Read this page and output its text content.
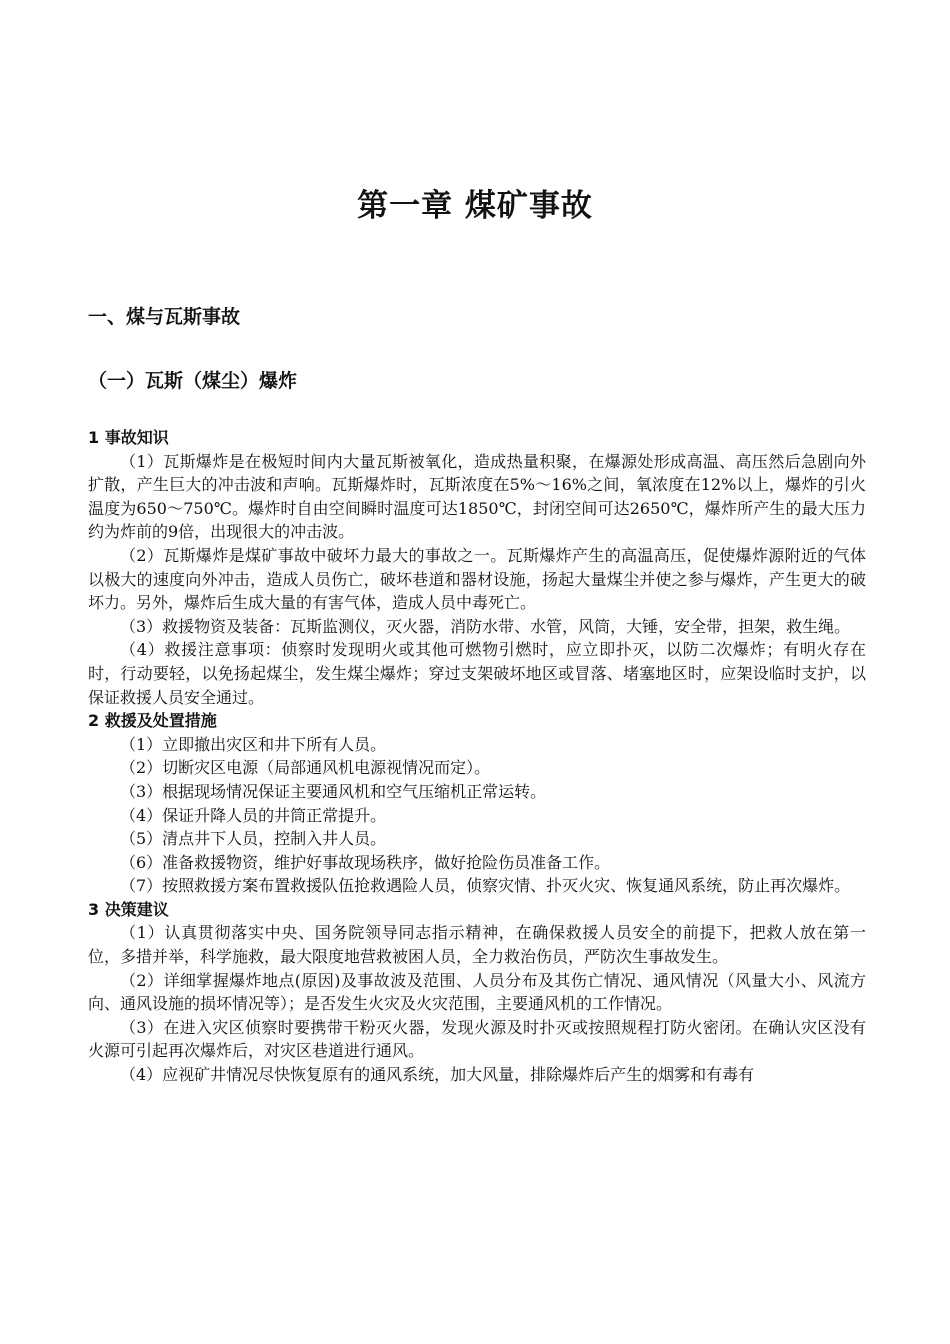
第一章 煤矿事故
一、煤与瓦斯事故
（一）瓦斯（煤尘）爆炸

1 事故知识

（1）瓦斯爆炸是在极短时间内大量瓦斯被氧化，造成热量积聚，在爆源处形成高温、高压然后急剧向外扩散，产生巨大的冲击波和声响。瓦斯爆炸时，瓦斯浓度在5%～16%之间，氧浓度在12%以上，爆炸的引火温度为650～750℃。爆炸时自由空间瞬时温度可达1850℃，封闭空间可达2650℃，爆炸所产生的最大压力约为炸前的9倍，出现很大的冲击波。

（2）瓦斯爆炸是煤矿事故中破坏力最大的事故之一。瓦斯爆炸产生的高温高压，促使爆炸源附近的气体以极大的速度向外冲击，造成人员伤亡，破坏巷道和器材设施，扬起大量煤尘并使之参与爆炸，产生更大的破坏力。另外，爆炸后生成大量的有害气体，造成人员中毒死亡。

（3）救援物资及装备：瓦斯监测仪，灭火器，消防水带、水管，风筒，大锤，安全带，担架，救生绳。

（4）救援注意事项：侦察时发现明火或其他可燃物引燃时，应立即扑灭，以防二次爆炸；有明火存在时，行动要轻，以免扬起煤尘，发生煤尘爆炸；穿过支架破坏地区或冒落、堵塞地区时，应架设临时支护，以保证救援人员安全通过。

2 救援及处置措施

（1）立即撤出灾区和井下所有人员。

（2）切断灾区电源（局部通风机电源视情况而定）。

（3）根据现场情况保证主要通风机和空气压缩机正常运转。

（4）保证升降人员的井筒正常提升。

（5）清点井下人员，控制入井人员。

（6）准备救援物资，维护好事故现场秩序，做好抢险伤员准备工作。

（7）按照救援方案布置救援队伍抢救遇险人员，侦察灾情、扑灭火灾、恢复通风系统，防止再次爆炸。

3 决策建议

（1）认真贯彻落实中央、国务院领导同志指示精神，在确保救援人员安全的前提下，把救人放在第一位，多措并举，科学施救，最大限度地营救被困人员，全力救治伤员，严防次生事故发生。

（2）详细掌握爆炸地点(原因)及事故波及范围、人员分布及其伤亡情况、通风情况（风量大小、风流方向、通风设施的损坏情况等）；是否发生火灾及火灾范围，主要通风机的工作情况。

（3）在进入灾区侦察时要携带干粉灭火器，发现火源及时扑灭或按照规程打防火密闭。在确认灾区没有火源可引起再次爆炸后，对灾区巷道进行通风。

（4）应视矿井情况尽快恢复原有的通风系统，加大风量，排除爆炸后产生的烟雾和有毒有
